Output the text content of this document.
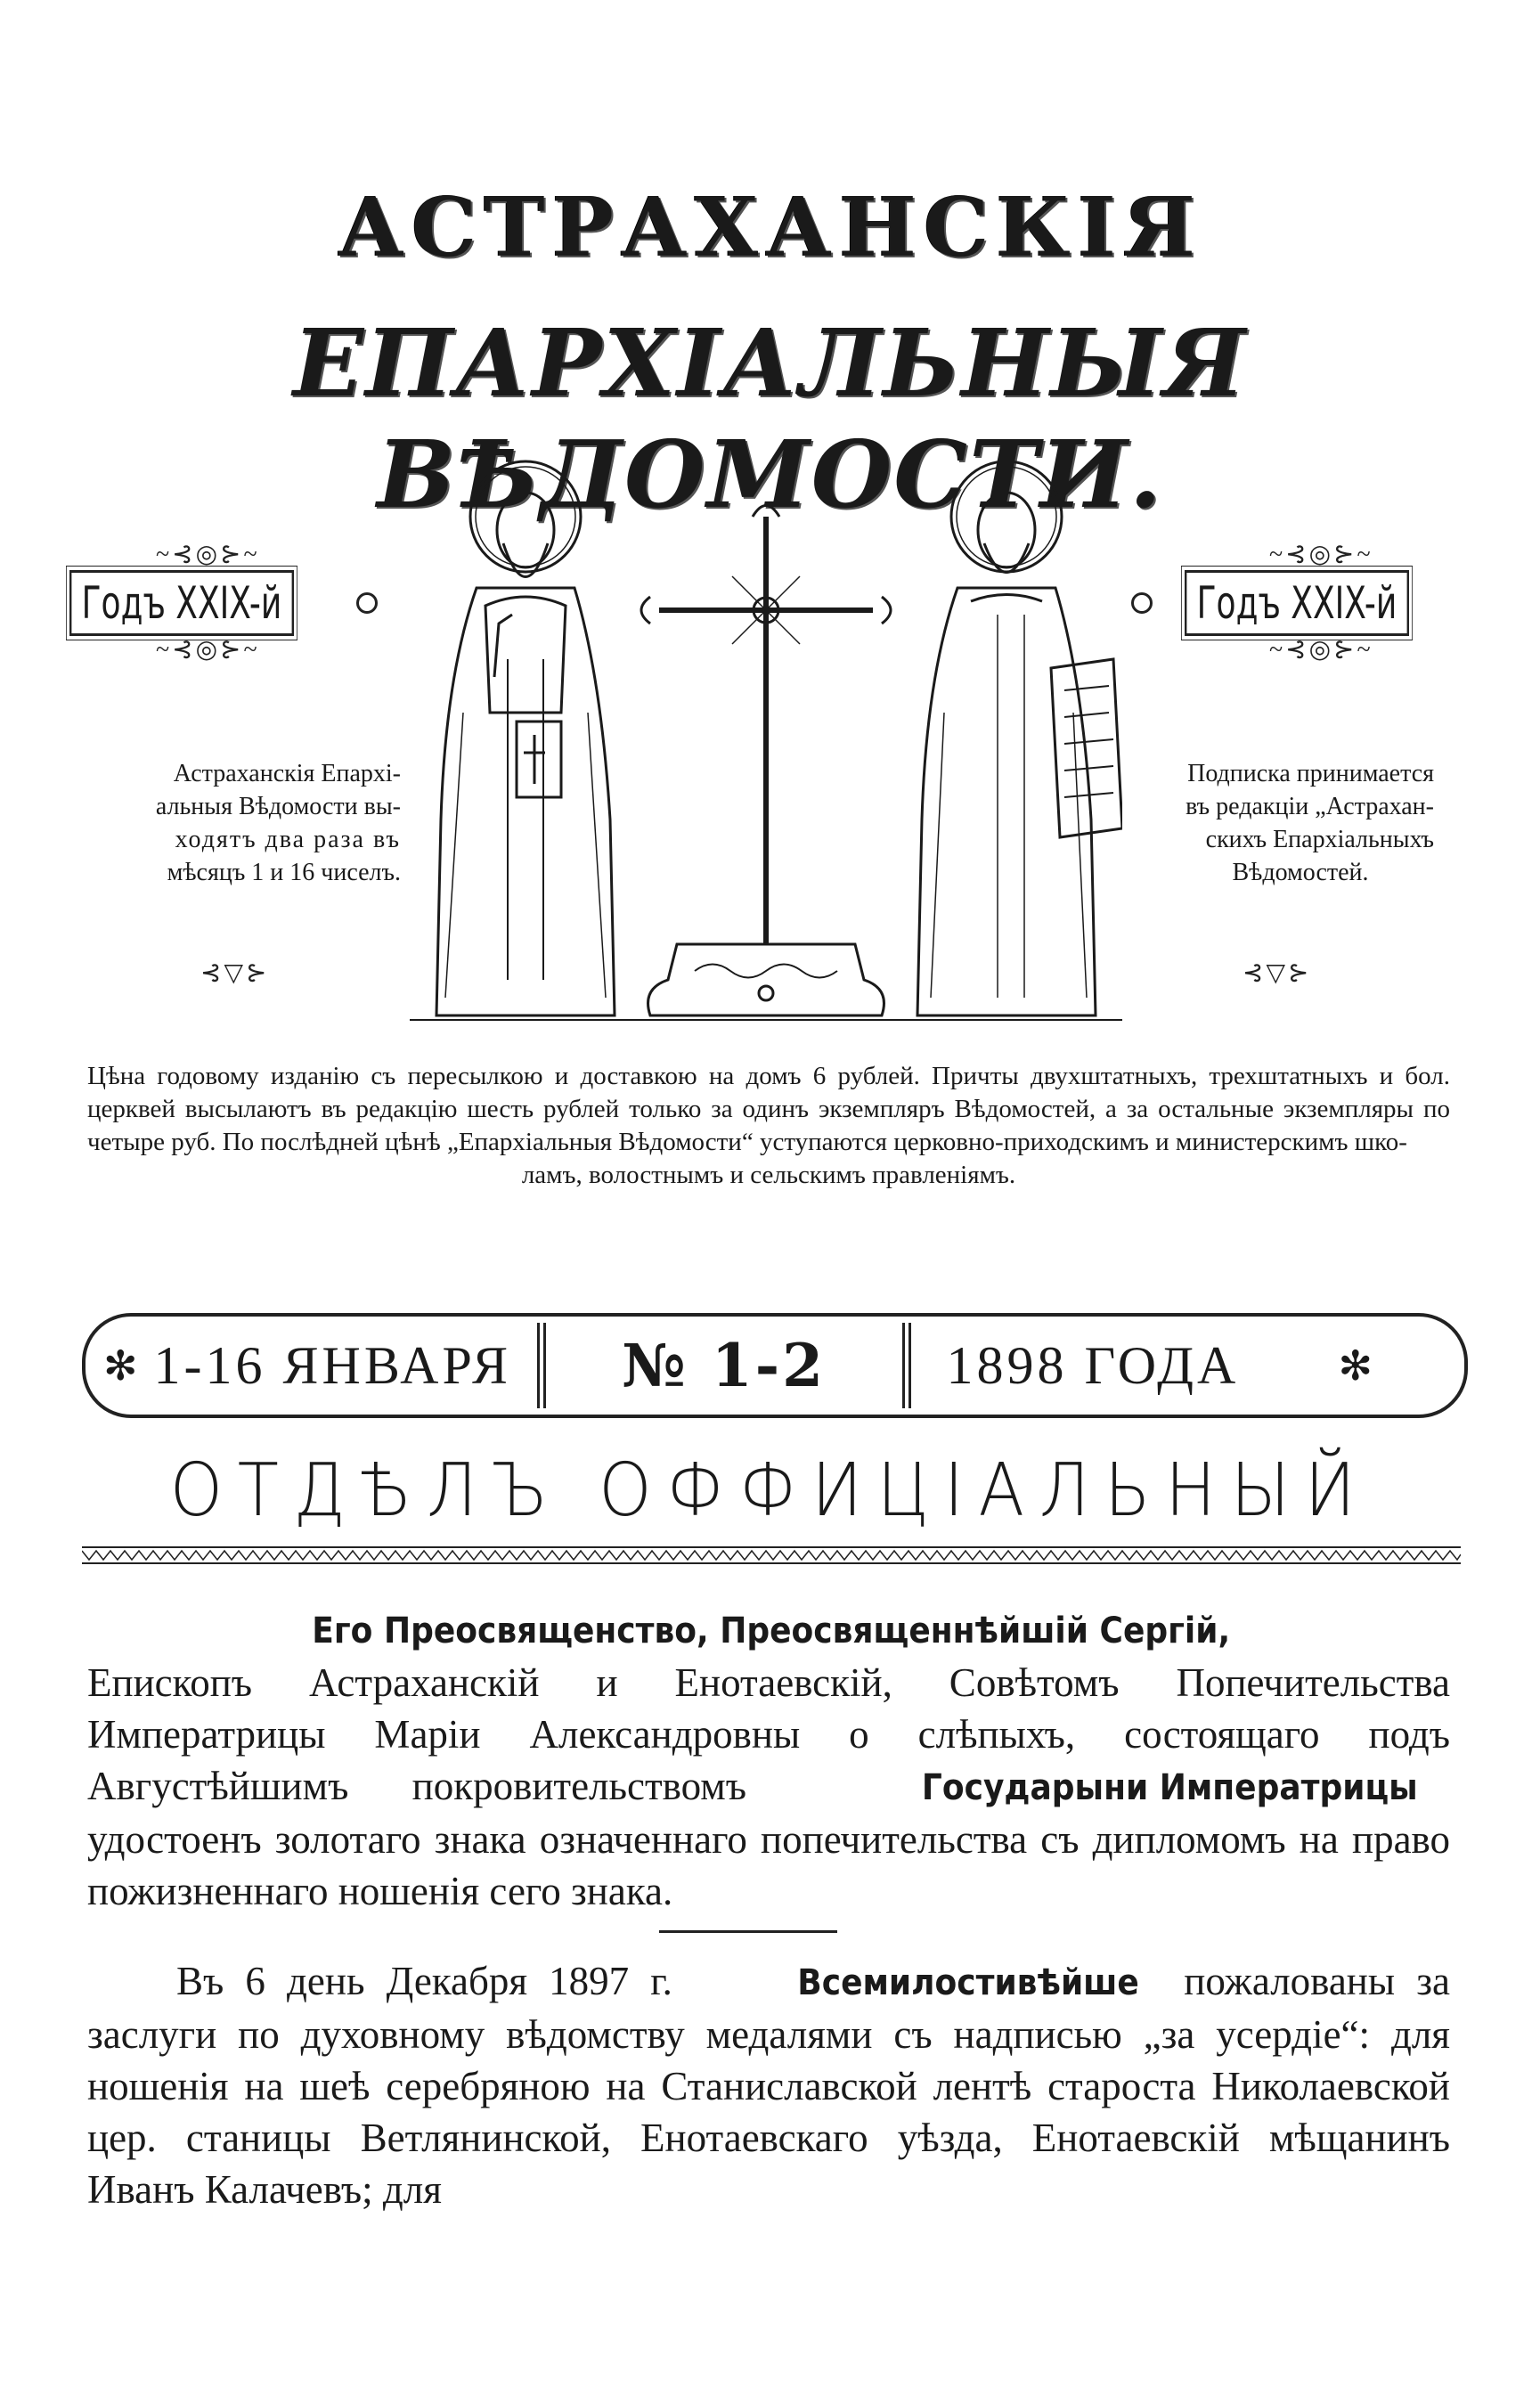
АСТРАХАНСКІЯ
ЕПАРХІАЛЬНЫЯ ВѢДОМОСТИ.
~⊰◎⊱~
Годъ XXIX-й
~⊰◎⊱~
~⊰◎⊱~
Годъ XXIX-й
~⊰◎⊱~
Астраханскія Епархі-
альныя Вѣдомости вы-
ходятъ два раза въ
мѣсяцъ 1 и 16 чиселъ.
⊰▽⊱
Подписка принимается
въ редакціи „Астрахан-
скихъ Епархіальныхъ
Вѣдомостей.
⊰▽⊱
Цѣна годовому изданію съ пересылкою и доставкою на домъ 6 рублей. Причты двухштатныхъ, трехштатныхъ и бол. церквей высылаютъ въ редакцію шесть рублей только за одинъ экземпляръ Вѣдомостей, а за остальные экземпляры по четыре руб. По послѣдней цѣнѣ „Епархіальныя Вѣдомости“ уступаются церковно-приходскимъ и министерскимъ шко-
ламъ, волостнымъ и сельскимъ правленіямъ.
✻ 1-16 ЯНВАРЯ	№ 1-2	1898 ГОДА	✻
ОТДѢЛЪ ОФФИЦІАЛЬНЫЙ
Его Преосвященство, Преосвященнѣйшій Сергій, Епископъ Астраханскій и Енотаевскій, Совѣтомъ Попечительства Императрицы Маріи Александровны о слѣпыхъ, состоящаго подъ Августѣйшимъ покровительствомъ	Государыни Императрицы удостоенъ золотаго знака означеннаго попечительства съ дипломомъ на право пожизненнаго ношенія сего знака.
Въ 6 день Декабря 1897 г.	Всемилостивѣйше пожалованы за заслуги по духовному вѣдомству медалями съ надписью „за усердіе“: для ношенія на шеѣ серебряною на Станиславской лентѣ староста Николаевской цер. станицы Ветлянинской, Енотаевскаго уѣзда, Енотаевскій мѣщанинъ Иванъ Калачевъ; для
